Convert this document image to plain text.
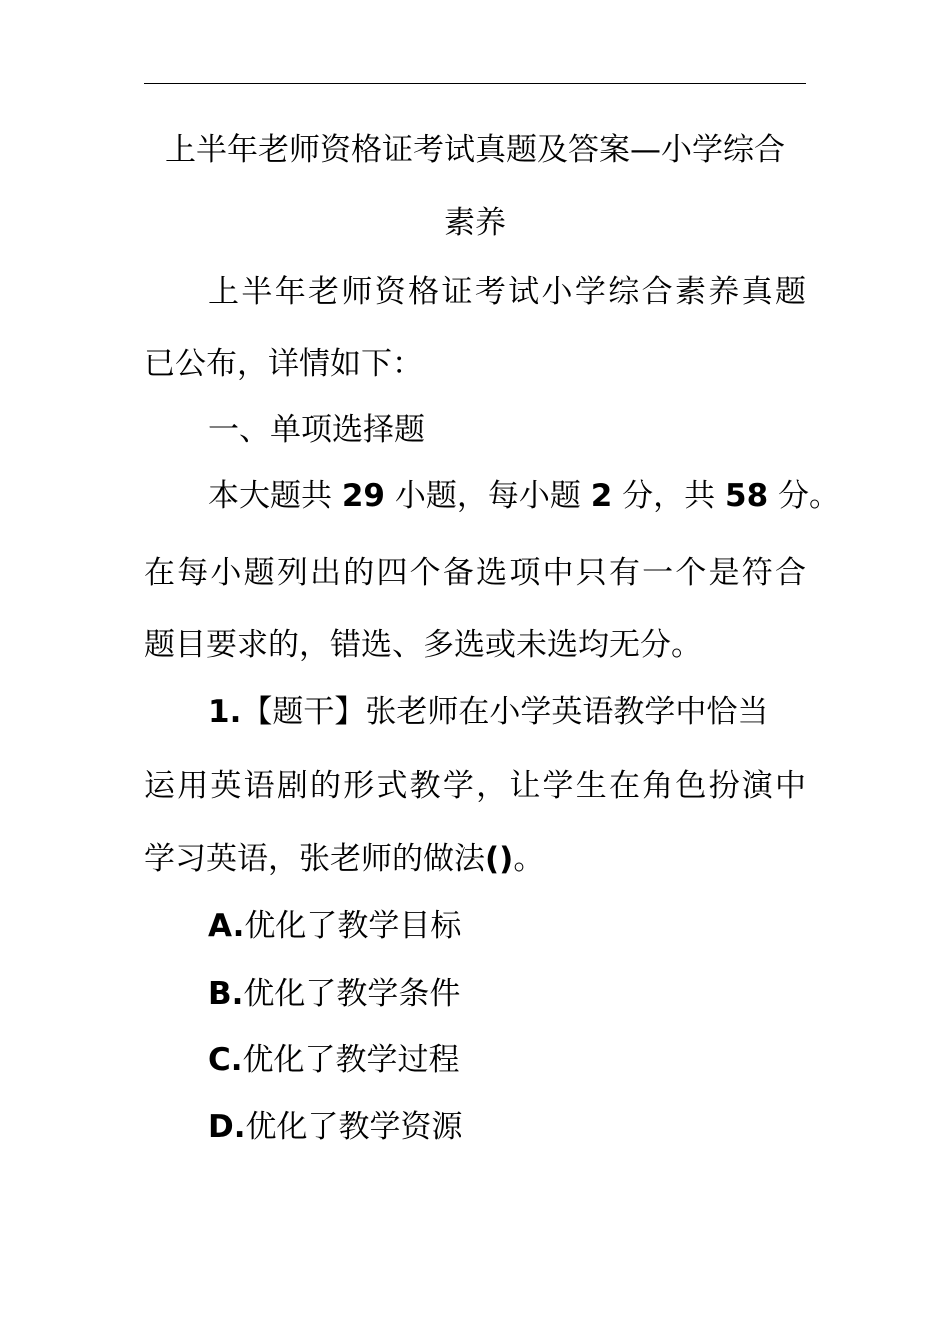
上半年老师资格证考试真题及答案—小学综合
素养
上半年老师资格证考试小学综合素养真题
已公布，详情如下：
一、单项选择题
本大题共 29 小题，每小题 2 分，共 58 分。
在每小题列出的四个备选项中只有一个是符合
题目要求的，错选、多选或未选均无分。
1.【题干】张老师在小学英语教学中恰当
运用英语剧的形式教学，让学生在角色扮演中
学习英语，张老师的做法()。
A.优化了教学目标
B.优化了教学条件
C.优化了教学过程
D.优化了教学资源
